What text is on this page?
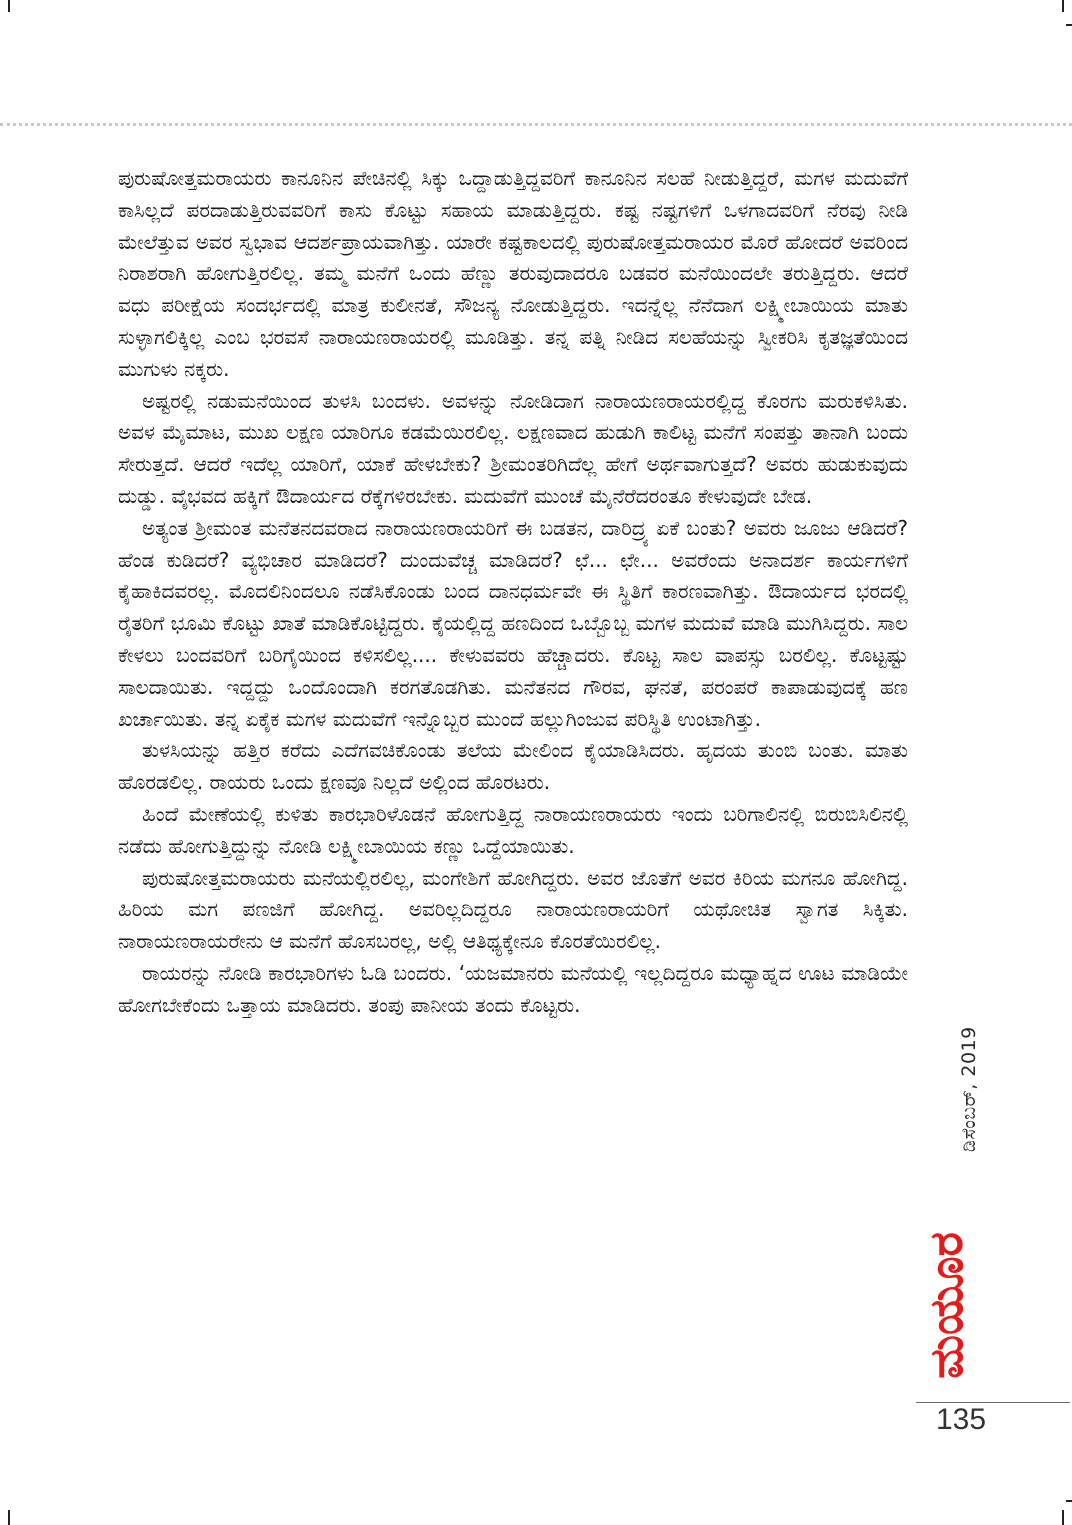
ಪುರುಷೋತ್ತಮರಾಯರು ಕಾನೂನಿನ ಪೇಚಿನಲ್ಲಿ ಸಿಕ್ಕು ಒದ್ದಾಡುತ್ತಿದ್ದವರಿಗೆ ಕಾನೂನಿನ ಸಲಹೆ ನೀಡುತ್ತಿದ್ದರೆ, ಮಗಳ ಮದುವೆಗೆ ಕಾಸಿಲ್ಲದೆ ಪರದಾಡುತ್ತಿರುವವರಿಗೆ ಕಾಸು ಕೊಟ್ಟು ಸಹಾಯ ಮಾಡುತ್ತಿದ್ದರು. ಕಷ್ಟ ನಷ್ಟಗಳಿಗೆ ಒಳಗಾದವರಿಗೆ ನೆರವು ನೀಡಿ ಮೇಲೆತ್ತುವ ಅವರ ಸ್ವಭಾವ ಆದರ್ಶಪ್ರಾಯವಾಗಿತ್ತು. ಯಾರೇ ಕಷ್ಟಕಾಲದಲ್ಲಿ ಪುರುಷೋತ್ತಮರಾಯರ ಮೊರೆ ಹೋದರೆ ಅವರಿಂದ ನಿರಾಶರಾಗಿ ಹೋಗುತ್ತಿರಲಿಲ್ಲ. ತಮ್ಮ ಮನೆಗೆ ಒಂದು ಹೆಣ್ಣು ತರುವುದಾದರೂ ಬಡವರ ಮನೆಯಿಂದಲೇ ತರುತ್ತಿದ್ದರು. ಆದರೆ ವಧು ಪರೀಕ್ಷೆಯ ಸಂದರ್ಭದಲ್ಲಿ ಮಾತ್ರ ಕುಲೀನತೆ, ಸೌಜನ್ಯ ನೋಡುತ್ತಿದ್ದರು. ಇದನ್ನೆಲ್ಲ ನೆನೆದಾಗ ಲಕ್ಷ್ಮೀಬಾಯಿಯ ಮಾತು ಸುಳ್ಳಾಗಲಿಕ್ಕಿಲ್ಲ ಎಂಬ ಭರವಸೆ ನಾರಾಯಣರಾಯರಲ್ಲಿ ಮೂಡಿತ್ತು. ತನ್ನ ಪತ್ನಿ ನೀಡಿದ ಸಲಹೆಯನ್ನು ಸ್ವೀಕರಿಸಿ ಕೃತಜ್ಞತೆಯಿಂದ ಮುಗುಳು ನಕ್ಕರು.

ಅಷ್ಟರಲ್ಲಿ ನಡುಮನೆಯಿಂದ ತುಳಸಿ ಬಂದಳು. ಅವಳನ್ನು ನೋಡಿದಾಗ ನಾರಾಯಣರಾಯರಲ್ಲಿದ್ದ ಕೊರಗು ಮರುಕಳಿಸಿತು. ಅವಳ ಮೈಮಾಟ, ಮುಖ ಲಕ್ಷಣ ಯಾರಿಗೂ ಕಡಮೆಯಿರಲಿಲ್ಲ. ಲಕ್ಷಣವಾದ ಹುಡುಗಿ ಕಾಲಿಟ್ಟ ಮನೆಗೆ ಸಂಪತ್ತು ತಾನಾಗಿ ಬಂದು ಸೇರುತ್ತದೆ. ಆದರೆ ಇದೆಲ್ಲ ಯಾರಿಗೆ, ಯಾಕೆ ಹೇಳಬೇಕು? ಶ್ರೀಮಂತರಿಗಿದೆಲ್ಲ ಹೇಗೆ ಅರ್ಥವಾಗುತ್ತದೆ? ಅವರು ಹುಡುಕುವುದು ದುಡ್ಡು. ವೈಭವದ ಹಕ್ಕಿಗೆ ಔದಾರ್ಯದ ರೆಕ್ಕೆಗಳಿರಬೇಕು. ಮದುವೆಗೆ ಮುಂಚೆ ಮೈನೆರೆದರಂತೂ ಕೇಳುವುದೇ ಬೇಡ.

ಅತ್ಯಂತ ಶ್ರೀಮಂತ ಮನೆತನದವರಾದ ನಾರಾಯಣರಾಯರಿಗೆ ಈ ಬಡತನ, ದಾರಿದ್ರ್ಯ ಏಕೆ ಬಂತು? ಅವರು ಜೂಜು ಆಡಿದರೆ? ಹೆಂಡ ಕುಡಿದರೆ? ವ್ಯಭಿಚಾರ ಮಾಡಿದರೆ? ದುಂದುವೆಚ್ಚ ಮಾಡಿದರೆ? ಛೆ... ಛೇ... ಅವರೆಂದು ಅನಾದರ್ಶ ಕಾರ್ಯಗಳಿಗೆ ಕೈಹಾಕಿದವರಲ್ಲ. ಮೊದಲಿನಿಂದಲೂ ನಡೆಸಿಕೊಂಡು ಬಂದ ದಾನಧರ್ಮವೇ ಈ ಸ್ಥಿತಿಗೆ ಕಾರಣವಾಗಿತ್ತು. ಔದಾರ್ಯದ ಭರದಲ್ಲಿ ರೈತರಿಗೆ ಭೂಮಿ ಕೊಟ್ಟು ಖಾತೆ ಮಾಡಿಕೊಟ್ಟಿದ್ದರು. ಕೈಯಲ್ಲಿದ್ದ ಹಣದಿಂದ ಒಬ್ಬೊಬ್ಬ ಮಗಳ ಮದುವೆ ಮಾಡಿ ಮುಗಿಸಿದ್ದರು. ಸಾಲ ಕೇಳಲು ಬಂದವರಿಗೆ ಬರಿಗೈಯಿಂದ ಕಳಿಸಲಿಲ್ಲ.... ಕೇಳುವವರು ಹೆಚ್ಚಾದರು. ಕೊಟ್ಟ ಸಾಲ ವಾಪಸ್ಸು ಬರಲಿಲ್ಲ. ಕೊಟ್ಟಷ್ಟು ಸಾಲದಾಯಿತು. ಇದ್ದದ್ದು ಒಂದೊಂದಾಗಿ ಕರಗತೊಡಗಿತು. ಮನೆತನದ ಗೌರವ, ಘನತೆ, ಪರಂಪರೆ ಕಾಪಾಡುವುದಕ್ಕೆ ಹಣ ಖರ್ಚಾಯಿತು. ತನ್ನ ಏಕೈಕ ಮಗಳ ಮದುವೆಗೆ ಇನ್ನೊಬ್ಬರ ಮುಂದೆ ಹಲ್ಲುಗಿಂಜುವ ಪರಿಸ್ಥಿತಿ ಉಂಟಾಗಿತ್ತು.

ತುಳಸಿಯನ್ನು ಹತ್ತಿರ ಕರೆದು ಎದೆಗವಚಿಕೊಂಡು ತಲೆಯ ಮೇಲಿಂದ ಕೈಯಾಡಿಸಿದರು. ಹೃದಯ ತುಂಬಿ ಬಂತು. ಮಾತು ಹೊರಡಲಿಲ್ಲ. ರಾಯರು ಒಂದು ಕ್ಷಣವೂ ನಿಲ್ಲದೆ ಅಲ್ಲಿಂದ ಹೊರಟರು.

ಹಿಂದೆ ಮೇಣೆಯಲ್ಲಿ ಕುಳಿತು ಕಾರಭಾರಿಳೊಡನೆ ಹೋಗುತ್ತಿದ್ದ ನಾರಾಯಣರಾಯರು ಇಂದು ಬರಿಗಾಲಿನಲ್ಲಿ ಬಿರುಬಿಸಿಲಿನಲ್ಲಿ ನಡೆದು ಹೋಗುತ್ತಿದ್ದುನ್ನು ನೋಡಿ ಲಕ್ಷ್ಮೀಬಾಯಿಯ ಕಣ್ಣು ಒದ್ದೆಯಾಯಿತು.

ಪುರುಷೋತ್ತಮರಾಯರು ಮನೆಯಲ್ಲಿರಲಿಲ್ಲ, ಮಂಗೇಶಿಗೆ ಹೋಗಿದ್ದರು. ಅವರ ಜೊತೆಗೆ ಅವರ ಕಿರಿಯ ಮಗನೂ ಹೋಗಿದ್ದ. ಹಿರಿಯ ಮಗ ಪಣಜಿಗೆ ಹೋಗಿದ್ದ. ಅವರಿಲ್ಲದಿದ್ದರೂ ನಾರಾಯಣರಾಯರಿಗೆ ಯಥೋಚಿತ ಸ್ವಾಗತ ಸಿಕ್ಕಿತು. ನಾರಾಯಣರಾಯರೇನು ಆ ಮನೆಗೆ ಹೊಸಬರಲ್ಲ, ಅಲ್ಲಿ ಆತಿಥ್ಯಕ್ಕೇನೂ ಕೊರತೆಯಿರಲಿಲ್ಲ.

ರಾಯರನ್ನು ನೋಡಿ ಕಾರಭಾರಿಗಳು ಓಡಿ ಬಂದರು. ‘ಯಜಮಾನರು ಮನೆಯಲ್ಲಿ ಇಲ್ಲದಿದ್ದರೂ ಮಧ್ಯಾಹ್ನದ ಊಟ ಮಾಡಿಯೇ ಹೋಗಬೇಕೆಂದು ಒತ್ತಾಯ ಮಾಡಿದರು. ತಂಪು ಪಾನೀಯ ತಂದು ಕೊಟ್ಟರು.

ಡಿಸೆಂಬರ್, 2019
ಮಯೂರ
135
